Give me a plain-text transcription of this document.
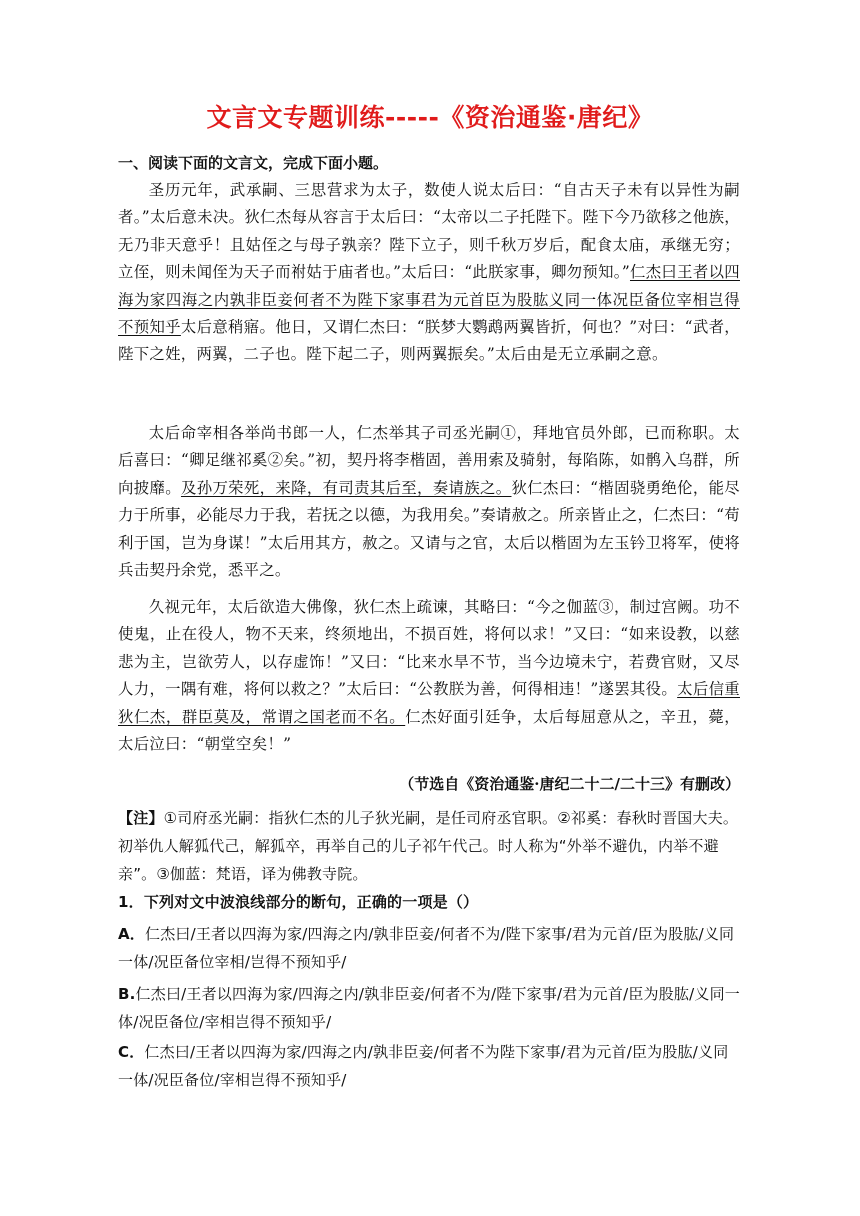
文言文专题训练-----《资治通鉴·唐纪》
一、阅读下面的文言文，完成下面小题。

圣历元年，武承嗣、三思营求为太子，数使人说太后曰：“自古天子未有以异性为嗣者。”太后意未决。狄仁杰每从容言于太后曰：“太帝以二子托陛下。陛下今乃欲移之他族，无乃非天意乎！且姑侄之与母子孰亲？陛下立子，则千秋万岁后，配食太庙，承继无穷；立侄，则未闻侄为天子而祔姑于庙者也。”太后曰：“此朕家事，卿勿预知。”仁杰曰王者以四海为家四海之内孰非臣妾何者不为陛下家事君为元首臣为股肱义同一体况臣备位宰相岂得不预知乎太后意稍寤。他日，又谓仁杰曰：“朕梦大鹦鹉两翼皆折，何也？”对曰：“武者，陛下之姓，两翼，二子也。陛下起二子，则两翼振矣。”太后由是无立承嗣之意。

太后命宰相各举尚书郎一人，仁杰举其子司丞光嗣①，拜地官员外郎，已而称职。太后喜曰：“卿足继祁奚②矣。”初，契丹将李楷固，善用索及骑射，每陷陈，如鹘入乌群，所向披靡。及孙万荣死，来降，有司责其后至，奏请族之。狄仁杰曰：“楷固骁勇绝伦，能尽力于所事，必能尽力于我，若抚之以德，为我用矣。”奏请赦之。所亲皆止之，仁杰曰：“苟利于国，岂为身谋！”太后用其方，赦之。又请与之官，太后以楷固为左玉钤卫将军，使将兵击契丹余党，悉平之。

久视元年，太后欲造大佛像，狄仁杰上疏谏，其略曰：“今之伽蓝③，制过宫阙。功不使鬼，止在役人，物不天来，终须地出，不损百姓，将何以求！”又曰：“如来设教，以慈悲为主，岂欲劳人，以存虚饰！”又曰：“比来水旱不节，当今边境未宁，若费官财，又尽人力，一隅有难，将何以救之？”太后曰：“公教朕为善，何得相违！”遂罢其役。太后信重狄仁杰，群臣莫及，常谓之国老而不名。仁杰好面引廷争，太后每屈意从之，辛丑，薨，太后泣曰：“朝堂空矣！”

（节选自《资治通鉴·唐纪二十二/二十三》有删改）
【注】①司府丞光嗣：指狄仁杰的儿子狄光嗣，是任司府丞官职。②祁奚：春秋时晋国大夫。初举仇人解狐代己，解狐卒，再举自己的儿子祁午代己。时人称为“外举不避仇，内举不避亲”。③伽蓝：梵语，译为佛教寺院。
1．下列对文中波浪线部分的断句，正确的一项是（）
A．仁杰曰/王者以四海为家/四海之内/孰非臣妾/何者不为/陛下家事/君为元首/臣为股肱/义同一体/况臣备位宰相/岂得不预知乎/
B.仁杰曰/王者以四海为家/四海之内/孰非臣妾/何者不为/陛下家事/君为元首/臣为股肱/义同一体/况臣备位/宰相岂得不预知乎/
C．仁杰曰/王者以四海为家/四海之内/孰非臣妾/何者不为陛下家事/君为元首/臣为股肱/义同一体/况臣备位/宰相岂得不预知乎/
